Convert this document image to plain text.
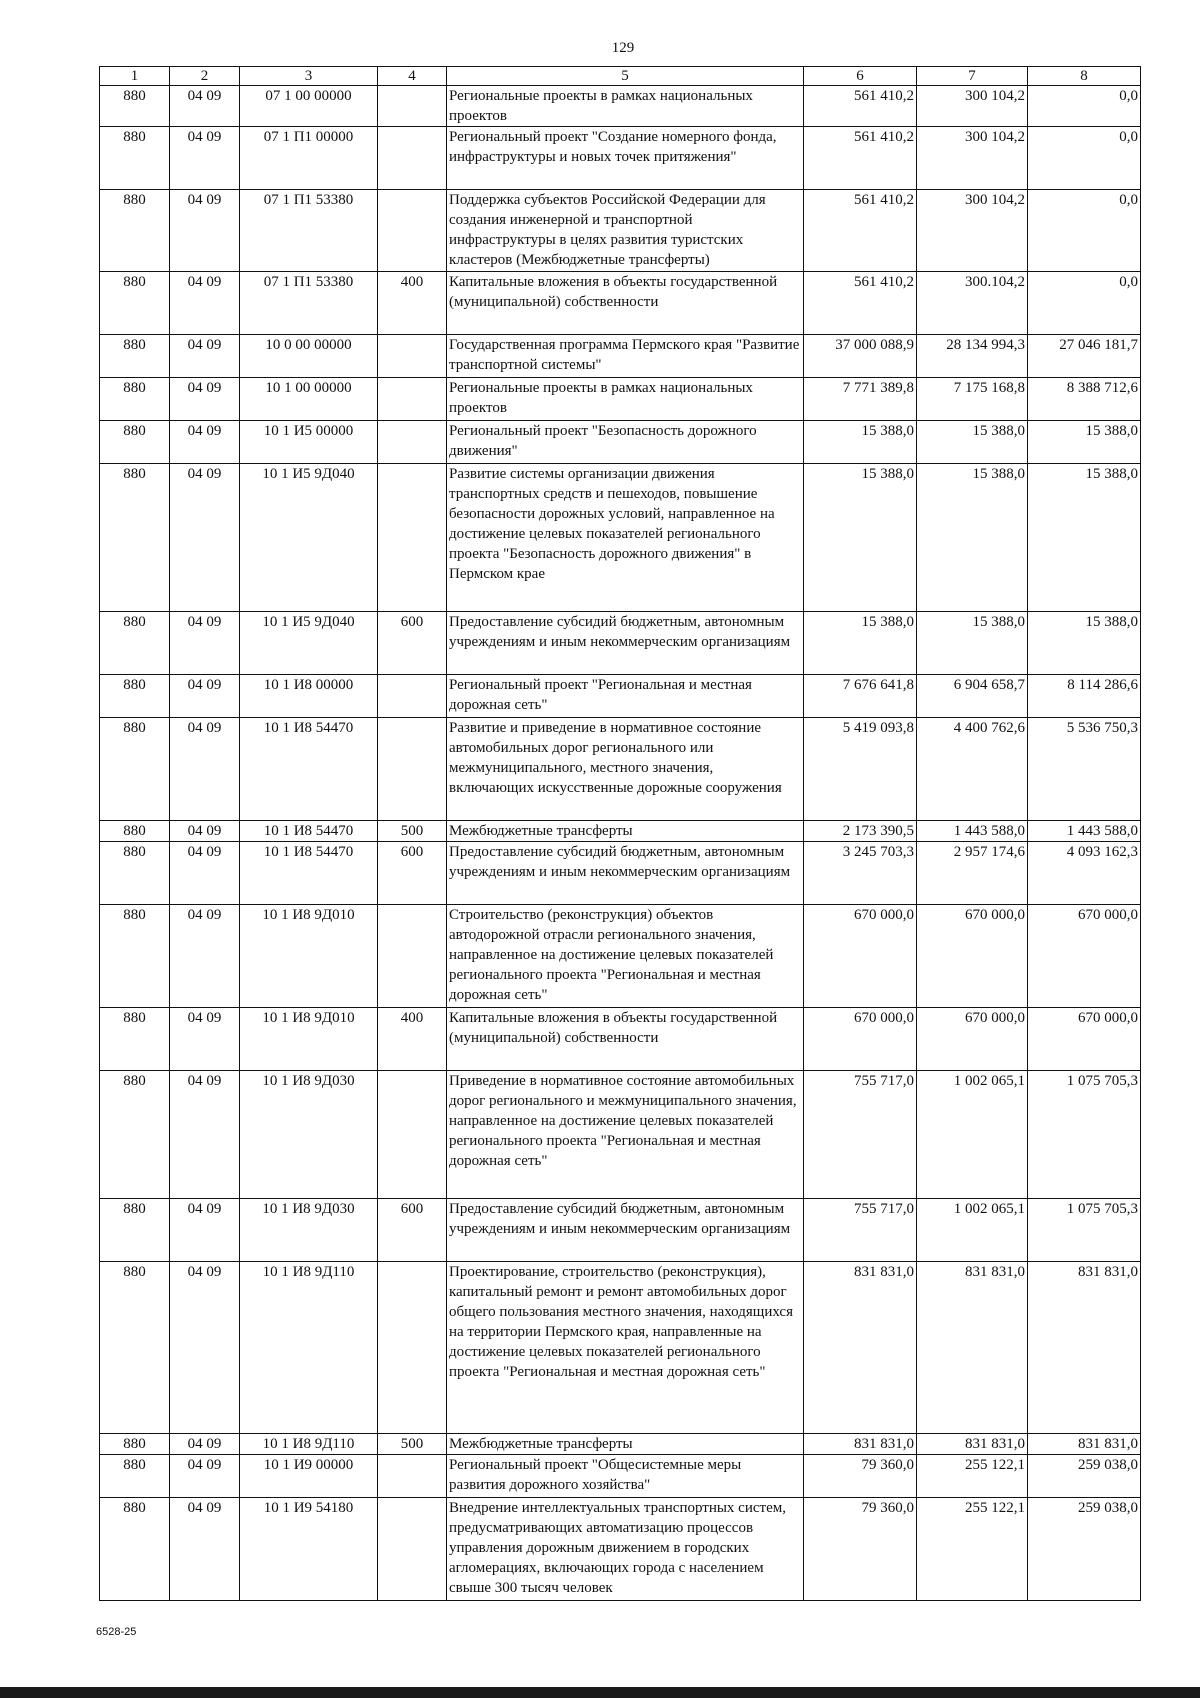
129
1	2	3	4	5	6	7	8
880	04 09	07 1 00 00000		Региональные проекты в рамках национальных проектов	561 410,2	300 104,2	0,0
880	04 09	07 1 П1 00000		Региональный проект "Создание номерного фонда, инфраструктуры и новых точек притяжения"	561 410,2	300 104,2	0,0
880	04 09	07 1 П1 53380		Поддержка субъектов Российской Федерации для создания инженерной и транспортной инфраструктуры в целях развития туристских кластеров (Межбюджетные трансферты)	561 410,2	300 104,2	0,0
880	04 09	07 1 П1 53380	400	Капитальные вложения в объекты государственной (муниципальной) собственности	561 410,2	300.104,2	0,0
880	04 09	10 0 00 00000		Государственная программа Пермского края "Развитие транспортной системы"	37 000 088,9	28 134 994,3	27 046 181,7
880	04 09	10 1 00 00000		Региональные проекты в рамках национальных проектов	7 771 389,8	7 175 168,8	8 388 712,6
880	04 09	10 1 И5 00000		Региональный проект "Безопасность дорожного движения"	15 388,0	15 388,0	15 388,0
880	04 09	10 1 И5 9Д040		Развитие системы организации движения транспортных средств и пешеходов, повышение безопасности дорожных условий, направленное на достижение целевых показателей регионального проекта "Безопасность дорожного движения" в Пермском крае	15 388,0	15 388,0	15 388,0
880	04 09	10 1 И5 9Д040	600	Предоставление субсидий бюджетным, автономным учреждениям и иным некоммерческим организациям	15 388,0	15 388,0	15 388,0
880	04 09	10 1 И8 00000		Региональный проект "Региональная и местная дорожная сеть"	7 676 641,8	6 904 658,7	8 114 286,6
880	04 09	10 1 И8 54470		Развитие и приведение в нормативное состояние автомобильных дорог регионального или межмуниципального, местного значения, включающих искусственные дорожные сооружения	5 419 093,8	4 400 762,6	5 536 750,3
880	04 09	10 1 И8 54470	500	Межбюджетные трансферты	2 173 390,5	1 443 588,0	1 443 588,0
880	04 09	10 1 И8 54470	600	Предоставление субсидий бюджетным, автономным учреждениям и иным некоммерческим организациям	3 245 703,3	2 957 174,6	4 093 162,3
880	04 09	10 1 И8 9Д010		Строительство (реконструкция) объектов автодорожной отрасли регионального значения, направленное на достижение целевых показателей регионального проекта "Региональная и местная дорожная сеть"	670 000,0	670 000,0	670 000,0
880	04 09	10 1 И8 9Д010	400	Капитальные вложения в объекты государственной (муниципальной) собственности	670 000,0	670 000,0	670 000,0
880	04 09	10 1 И8 9Д030		Приведение в нормативное состояние автомобильных дорог регионального и межмуниципального значения, направленное на достижение целевых показателей регионального проекта "Региональная и местная дорожная сеть"	755 717,0	1 002 065,1	1 075 705,3
880	04 09	10 1 И8 9Д030	600	Предоставление субсидий бюджетным, автономным учреждениям и иным некоммерческим организациям	755 717,0	1 002 065,1	1 075 705,3
880	04 09	10 1 И8 9Д110		Проектирование, строительство (реконструкция), капитальный ремонт и ремонт автомобильных дорог общего пользования местного значения, находящихся на территории Пермского края, направленные на достижение целевых показателей регионального проекта "Региональная и местная дорожная сеть"	831 831,0	831 831,0	831 831,0
880	04 09	10 1 И8 9Д110	500	Межбюджетные трансферты	831 831,0	831 831,0	831 831,0
880	04 09	10 1 И9 00000		Региональный проект "Общесистемные меры развития дорожного хозяйства"	79 360,0	255 122,1	259 038,0
880	04 09	10 1 И9 54180		Внедрение интеллектуальных транспортных систем, предусматривающих автоматизацию процессов управления дорожным движением в городских агломерациях, включающих города с населением свыше 300 тысяч человек	79 360,0	255 122,1	259 038,0
6528-25
